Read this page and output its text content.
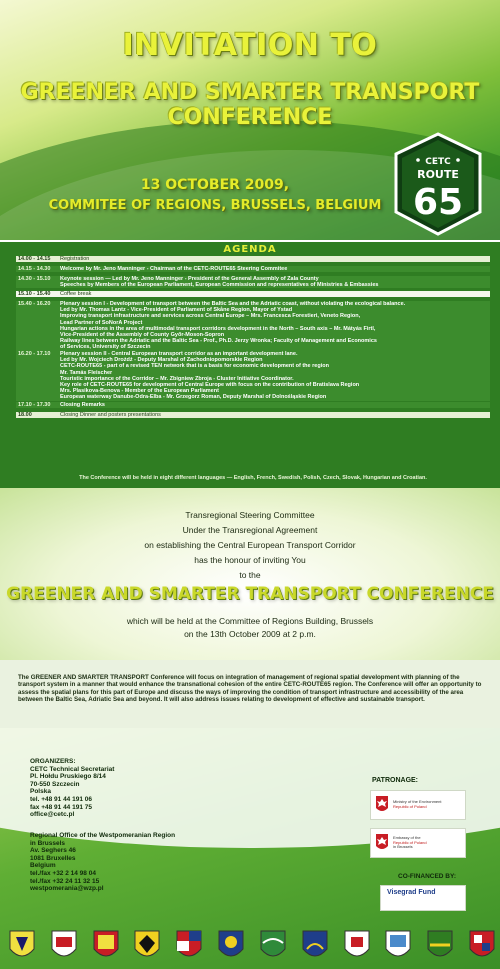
INVITATION TO
GREENER AND SMARTER TRANSPORT CONFERENCE
13 OCTOBER 2009,
COMMITEE OF REGIONS, BRUSSELS, BELGIUM
CETC
ROUTE
65
AGENDA
14.00 - 14.15	Registration
14.15 - 14.30	Welcome by Mr. Jeno Manninger - Chairman of the CETC-ROUTE65 Steering Commitee
14.30 - 15.10	Keynote session — Led by Mr. Jeno Manninger - President of the General Assembly of Zala County
Speeches by Members of the European Parliament, European Commission and representatives of Ministries & Embassies
15.10 - 15.40	Coffee break
15.40 - 16.20	Plenary session I - Development of transport between the Baltic Sea and the Adriatic coast, without violating the ecological balance.
Led by Mr. Thomas Lantz - Vice-President of Parliament of Skåne Region, Mayor of Ystad
Improving transport infrastructure and services across Central Europe – Mrs. Francesca Forestieri, Veneto Region,
Lead Partner of SoNorA Project
Hungarian actions in the area of multimodal transport corridors development in the North – South axis – Mr. Mátyás Firtl,
Vice-President of the Assembly of County Győr-Moson-Sopron
Railway lines between the Adriatic and the Baltic Sea - Prof., Ph.D. Jerzy Wronka; Faculty of Management and Economics
of Services, University of Szczecin
16.20 - 17.10	Plenary session II - Central European transport corridor as an important development lane.
Led by Mr. Wojciech Drożdż - Deputy Marshal of Zachodniopomorskie Region
CETC-ROUTE65 - part of a revised TEN network that is a basis for economic development of the region
Mr. Tamás Fleischer
Touristic importance of the Corridor – Mr. Zbigniew Zbroja - Cluster Initiative Coordinator.
Key role of CETC-ROUTE65 for development of Central Europe with focus on the contribution of Bratislava Region
Mrs. Plasikova-Benova - Member of the European Parliament
European waterway Danube-Odra-Elba - Mr. Grzegorz Roman, Deputy Marshal of Dolnośląskie Region
17.10 - 17.30	Closing Remarks
18.00	Closing Dinner and posters presentations
The Conference will be held in eight different languages — English, French, Swedish, Polish, Czech, Slovak, Hungarian and Croatian.
Transregional Steering Committee
Under the Transregional Agreement
on establishing the Central European Transport Corridor
has the honour of inviting You
to the
GREENER AND SMARTER TRANSPORT CONFERENCE
which will be held at the Committee of Regions Building, Brussels
on the 13th October 2009 at 2 p.m.
The GREENER AND SMARTER TRANSPORT Conference will focus on integration of management of regional spatial development with planning of the transport system in a manner that would enhance the transnational cohesion of the entire CETC-ROUTE65 region. The Conference will offer an opportunity to assess the spatial plans for this part of Europe and discuss the ways of improving the condition of transport infrastructure and accessibility of the area between the Baltic Sea, Adriatic Sea and beyond. It will also address issues relating to development of effective and sustainable transport.
ORGANIZERS:
CETC Technical Secretariat
Pl. Hołdu Pruskiego 8/14
70-550 Szczecin
Polska
tel. +48 91 44 191 06
fax +48 91 44 191 75
office@cetc.pl
Regional Office of the Westpomeranian Region
in Brussels
Av. Seghers 46
1081 Bruxelles
Belgium
tel./fax +32 2 14 98 04
tel./fax +32 24 11 32 15
westpomerania@wzp.pl
PATRONAGE:
Ministry of the Environment
Republic of Poland
Embassy of the
Republic of Poland
in Brussels
CO-FINANCED BY:
Visegrad Fund
